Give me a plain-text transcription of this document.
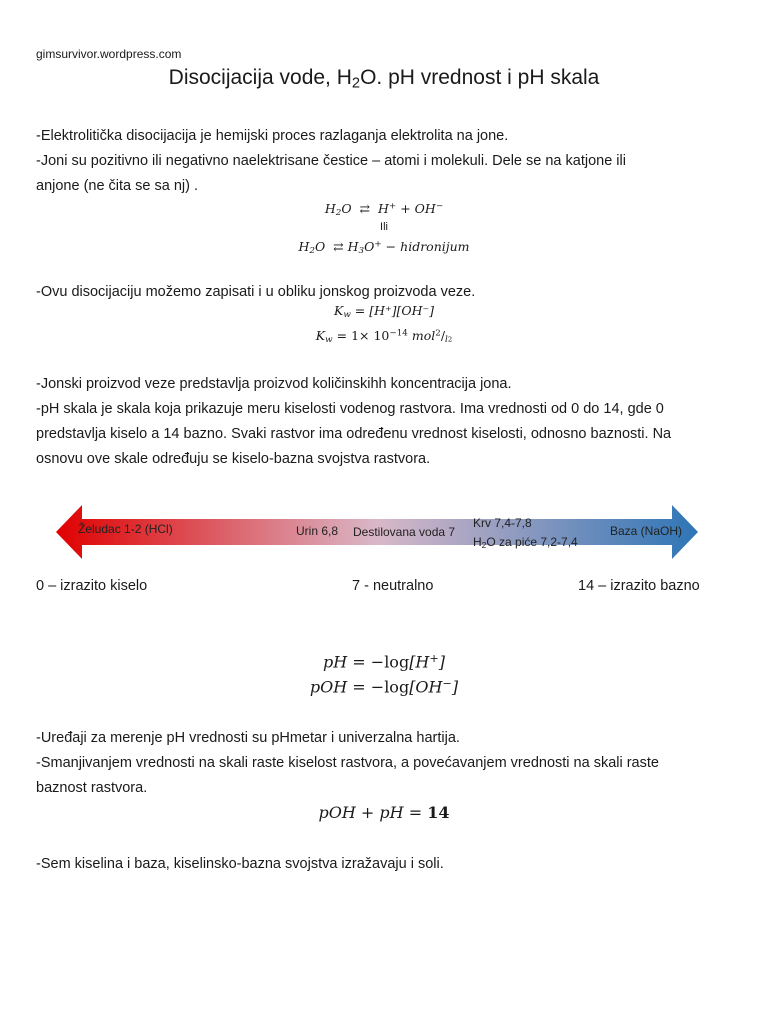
gimsurvivor.wordpress.com
Disocijacija vode, $H_2O$. pH vrednost i pH skala
-Elektrolitička disocijacija je hemijski proces razlaganja elektrolita na jone.
-Joni su pozitivno ili negativno naelektrisane čestice – atomi i molekuli. Dele se na katjone ili
anjone (ne čita se sa nj) .
$H_2O$ ⇄ H+ + OH−
Ili
$H_2O$ ⇄ $H_3O^+$ − hidronijum
-Ovu disocijaciju možemo zapisati i u obliku jonskog proizvoda veze.
$K_w = [H^+][OH^-]$
$K_w = 1\times 10^{-14}$ $mol^2/_{l2}$
-Jonski proizvod veze predstavlja proizvod količinskihh koncentracija jona.
-pH skala je skala koja prikazuje meru kiselosti vodenog rastvora. Ima vrednosti od 0 do 14, gde 0
predstavlja kiselo a 14 bazno. Svaki rastvor ima određenu vrednost kiselosti, odnosno baznosti. Na
osnovu ove skale određuju se kiselo-bazna svojstva rastvora.
Želudac 1-2 (HCl)	Urin 6,8 Destilovana voda 7
Krv 7,4-7,8
$H_2O$ za piće 7,2-7,4
Baza (NaOH)
0 – izrazito kiselo	7 - neutralno	14 – izrazito bazno
pH = −log[H+]
pOH = −log[OH−]
-Uređaji za merenje pH vrednosti su pHmetar i univerzalna hartija.
-Smanjivanjem vrednosti na skali raste kiselost rastvora, a povećavanjem vrednosti na skali raste
baznost rastvora.
pOH + pH = 14
-Sem kiselina i baza, kiselinsko-bazna svojstva izražavaju i soli.
